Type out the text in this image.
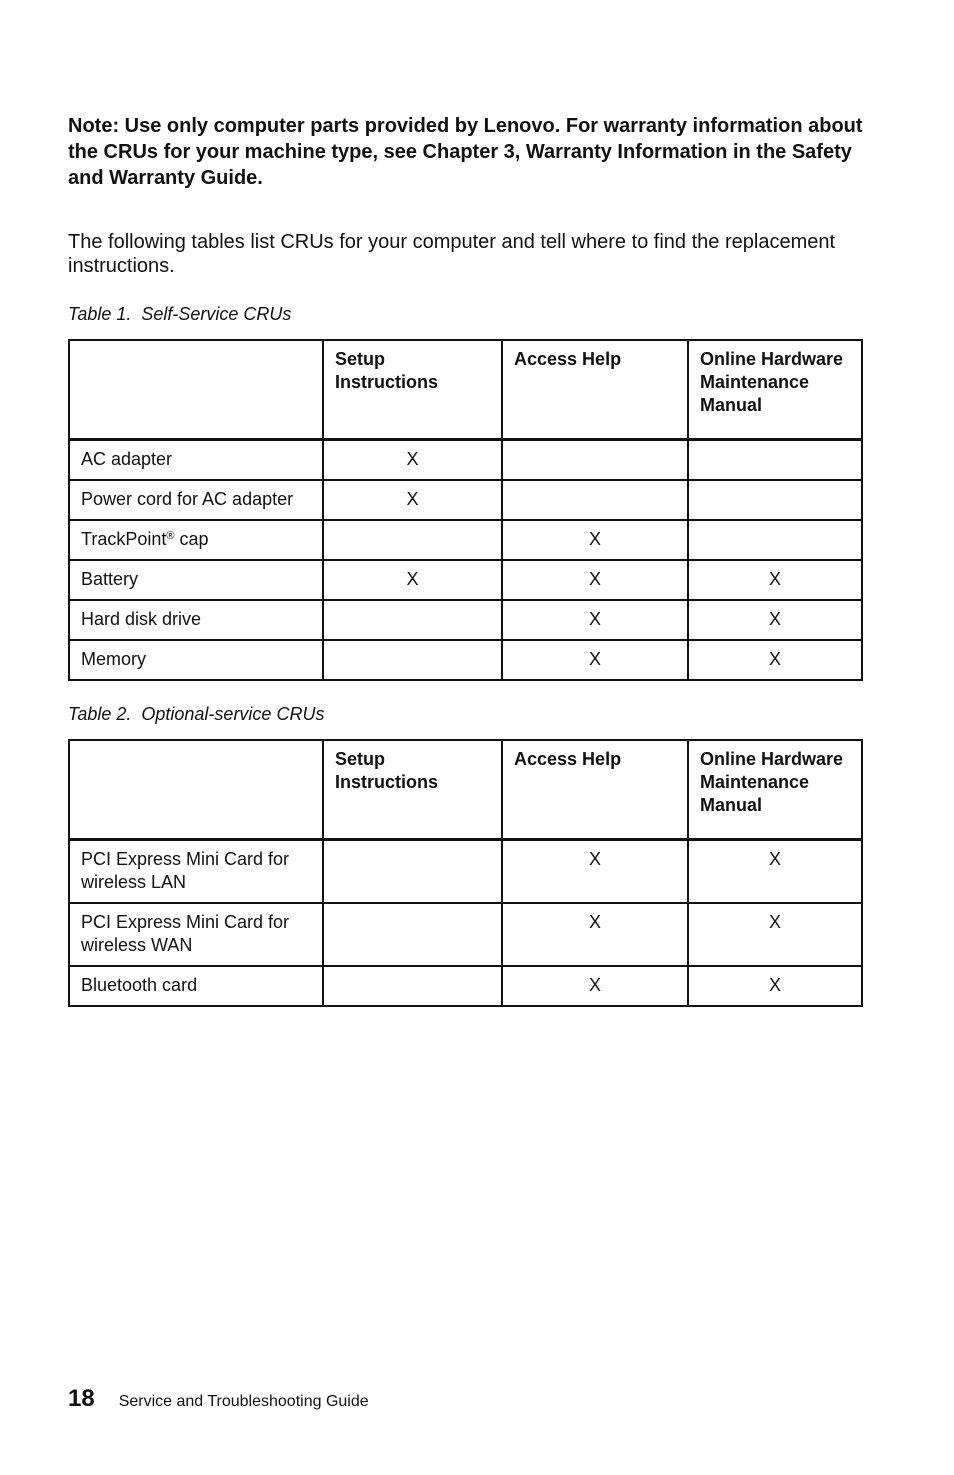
Note: Use only computer parts provided by Lenovo. For warranty information about the CRUs for your machine type, see Chapter 3, Warranty Information in the Safety and Warranty Guide.

The following tables list CRUs for your computer and tell where to find the replacement instructions.

Table 1. Self-Service CRUs

	Setup Instructions	Access Help	Online Hardware Maintenance Manual
AC adapter	X		
Power cord for AC adapter	X		
TrackPoint® cap		X	
Battery	X	X	X
Hard disk drive		X	X
Memory		X	X

Table 2. Optional-service CRUs

	Setup Instructions	Access Help	Online Hardware Maintenance Manual
PCI Express Mini Card for wireless LAN		X	X
PCI Express Mini Card for wireless WAN		X	X
Bluetooth card		X	X
18 Service and Troubleshooting Guide
